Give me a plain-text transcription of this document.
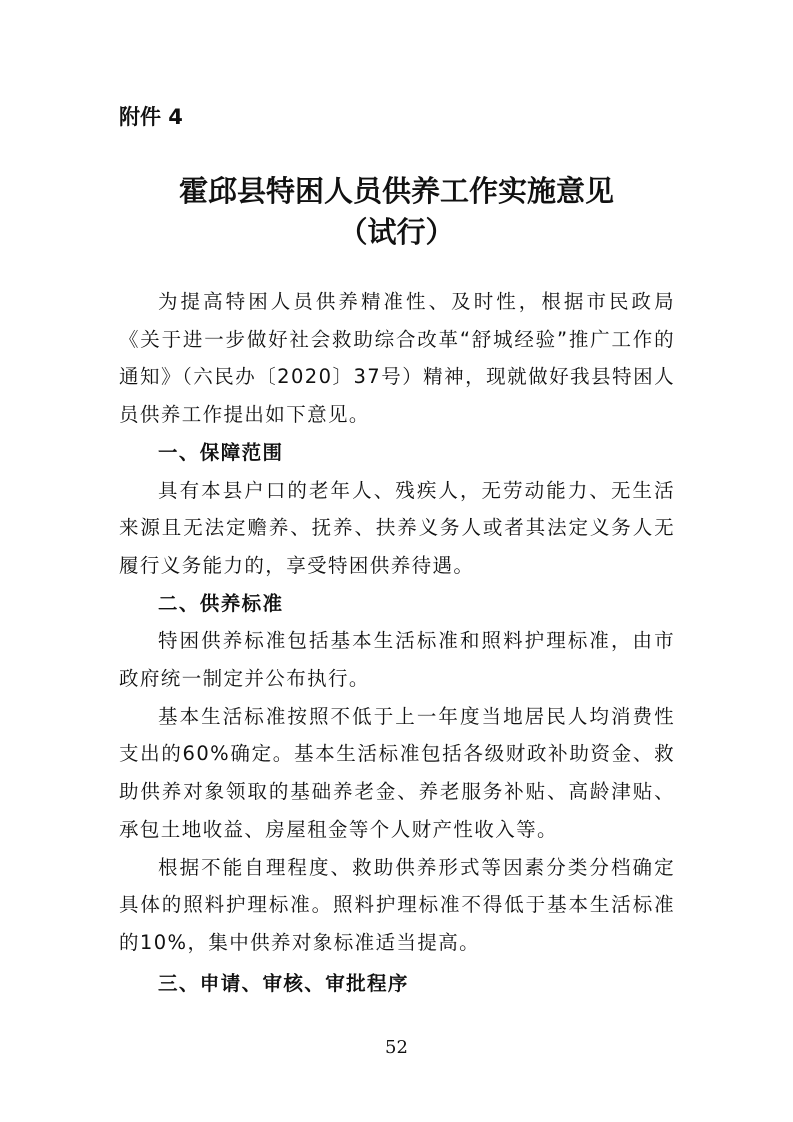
附件 4
霍邱县特困人员供养工作实施意见
（试行）

为提高特困人员供养精准性、及时性，根据市民政局《关于进一步做好社会救助综合改革“舒城经验”推广工作的通知》（六民办〔2020〕37号）精神，现就做好我县特困人员供养工作提出如下意见。

一、保障范围

具有本县户口的老年人、残疾人，无劳动能力、无生活来源且无法定赡养、抚养、扶养义务人或者其法定义务人无履行义务能力的，享受特困供养待遇。

二、供养标准

特困供养标准包括基本生活标准和照料护理标准，由市政府统一制定并公布执行。

基本生活标准按照不低于上一年度当地居民人均消费性支出的60%确定。基本生活标准包括各级财政补助资金、救助供养对象领取的基础养老金、养老服务补贴、高龄津贴、承包土地收益、房屋租金等个人财产性收入等。

根据不能自理程度、救助供养形式等因素分类分档确定具体的照料护理标准。照料护理标准不得低于基本生活标准的10%，集中供养对象标准适当提高。

三、申请、审核、审批程序
52
